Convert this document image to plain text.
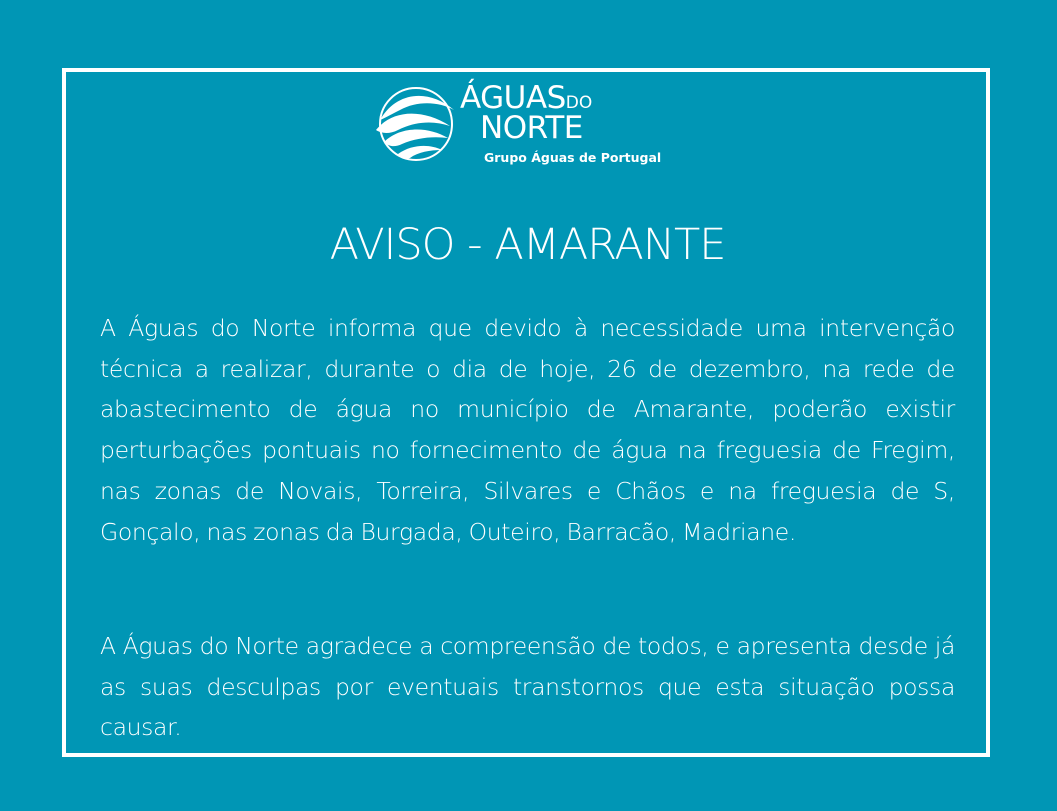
ÁGUASDO
NORTE
Grupo Águas de Portugal
AVISO - AMARANTE

A Águas do Norte informa que devido à necessidade uma intervenção técnica a realizar, durante o dia de hoje, 26 de dezembro, na rede de abastecimento de água no município de Amarante, poderão existir perturbações pontuais no fornecimento de água na freguesia de Fregim, nas zonas de Novais, Torreira, Silvares e Chãos e na freguesia de S, Gonçalo, nas zonas da Burgada, Outeiro, Barracão, Madriane.

A Águas do Norte agradece a compreensão de todos, e apresenta desde já as suas desculpas por eventuais transtornos que esta situação possa causar.
